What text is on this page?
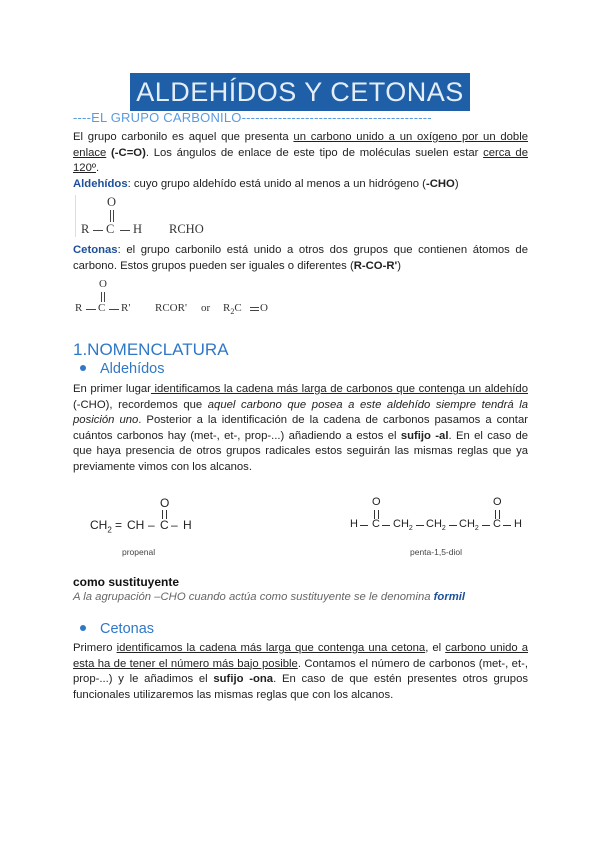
ALDEHÍDOS Y CETONAS
----EL GRUPO CARBONILO------------------------------------------

El grupo carbonilo es aquel que presenta un carbono unido a un oxígeno por un doble enlace (-C=O). Los ángulos de enlace de este tipo de moléculas suelen estar cerca de 120º.

Aldehídos: cuyo grupo aldehído está unido al menos a un hidrógeno (-CHO)

O
R C H RCHO

Cetonas: el grupo carbonilo está unido a otros dos grupos que contienen átomos de carbono. Estos grupos pueden ser iguales o diferentes (R-CO-R')

O
R C R' RCOR' or $R_2C$ O
1.NOMENCLATURA
Aldehídos

En primer lugar identificamos la cadena más larga de carbonos que contenga un aldehído (-CHO), recordemos que aquel carbono que posea a este aldehído siempre tendrá la posición uno. Posterior a la identificación de la cadena de carbonos pasamos a contar cuántos carbonos hay (met-, et-, prop-...) añadiendo a estos el sufijo -al. En el caso de que haya presencia de otros grupos radicales estos seguirán las mismas reglas que ya previamente vimos con los alcanos.

O
$CH_2$ = CH – C – H
propenal
O	O
H C $CH_2$ $CH_2$ $CH_2$ C H
penta-1,5-diol
como sustituyente
A la agrupación –CHO cuando actúa como sustituyente se le denomina formil
Cetonas

Primero identificamos la cadena más larga que contenga una cetona, el carbono unido a esta ha de tener el número más bajo posible. Contamos el número de carbonos (met-, et-, prop-...) y le añadimos el sufijo -ona. En caso de que estén presentes otros grupos funcionales utilizaremos las mismas reglas que con los alcanos.
